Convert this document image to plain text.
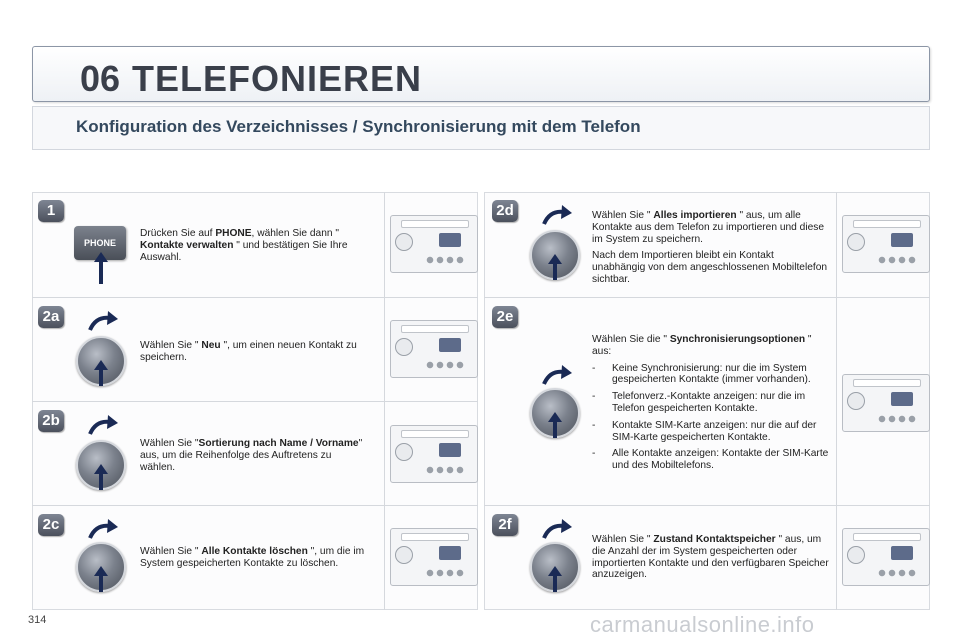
06 TELEFONIEREN
Konfiguration des Verzeichnisses / Synchronisierung mit dem Telefon
1
PHONE
Drücken Sie auf PHONE, wählen Sie dann " Kontakte verwalten " und bestätigen Sie Ihre Auswahl.
2a
Wählen Sie " Neu ", um einen neuen Kontakt zu speichern.
2b
Wählen Sie "Sortierung nach Name / Vorname" aus, um die Reihenfolge des Auftretens zu wählen.
2c
Wählen Sie " Alle Kontakte löschen ", um die im System gespeicherten Kontakte zu löschen.
2d	Wählen Sie " Alles importieren " aus, um alle Kontakte aus dem Telefon zu importieren und diese im System zu speichern.
Nach dem Importieren bleibt ein Kontakt unabhängig von dem angeschlossenen Mobiltelefon sichtbar.
2e
Wählen Sie die " Synchronisierungsoptionen " aus:
- Keine Synchronisierung: nur die im System gespeicherten Kontakte (immer vorhanden).
- Telefonverz.-Kontakte anzeigen: nur die im Telefon gespeicherten Kontakte.
- Kontakte SIM-Karte anzeigen: nur die auf der SIM-Karte gespeicherten Kontakte.
- Alle Kontakte anzeigen: Kontakte der SIM-Karte und des Mobiltelefons.
2f
Wählen Sie " Zustand Kontaktspeicher " aus, um die Anzahl der im System gespeicherten oder importierten Kontakte und den verfügbaren Speicher anzuzeigen.
314	carmanualsonline.info
